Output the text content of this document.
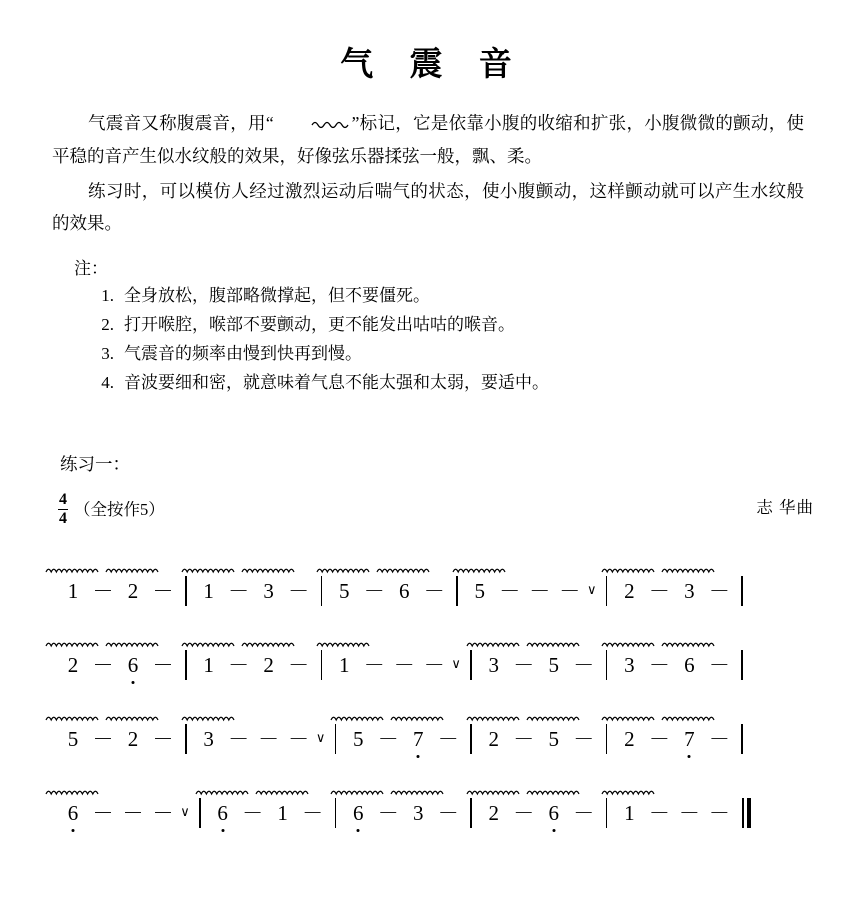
气 震 音
气震音又称腹震音，用“	”标记，它是依靠小腹的收缩和扩张，小腹微微的颤动，使平稳的音产生似水纹般的效果，好像弦乐器揉弦一般，飘、柔。
练习时，可以模仿人经过激烈运动后喘气的状态，使小腹颤动，这样颤动就可以产生水纹般的效果。
注：
1. 全身放松，腹部略微撑起，但不要僵死。
2. 打开喉腔，喉部不要颤动，更不能发出咕咕的喉音。
3. 气震音的频率由慢到快再到慢。
4. 音波要细和密，就意味着气息不能太强和太弱，要适中。
练习一：
$\frac{4}{4}$ （全按作5）	志 华曲
1 － 2 －	1 － 3 －	5 － 6 －	5 － － － ∨	2 － 3 －
2 － 6 －	1 － 2 －	1 － － － ∨	3 － 5 －	3 － 6 －
5 － 2 －	3 － － － ∨	5 － 7 －	2 － 5 －	2 － 7 －
6 － － － ∨	6 － 1 －	6 － 3 －	2 － 6 －	1 － － －
